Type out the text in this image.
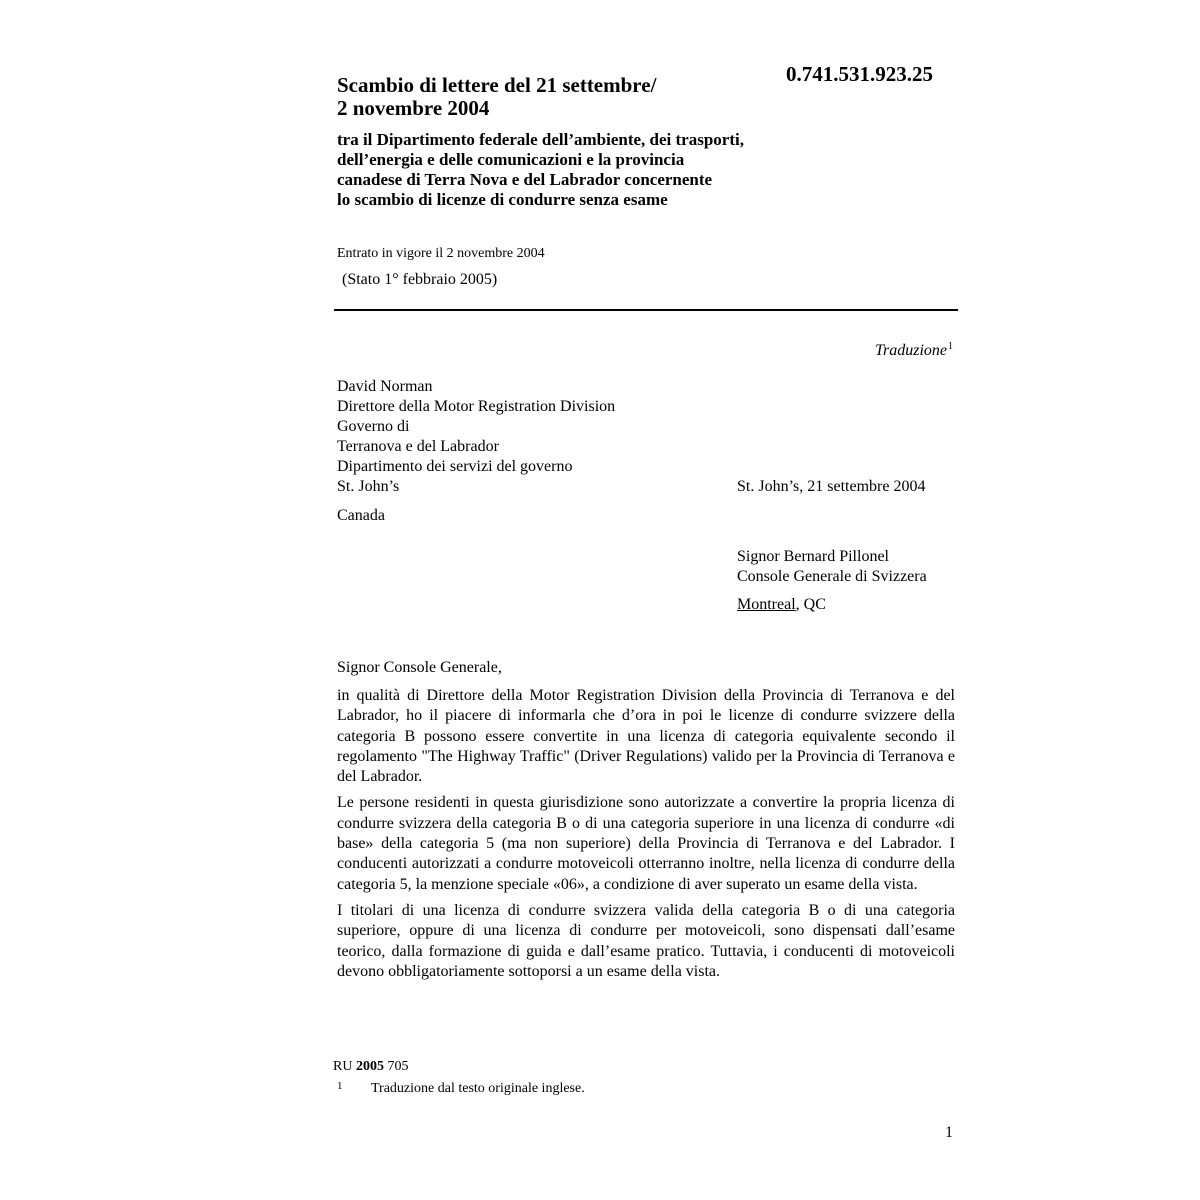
0.741.531.923.25
Scambio di lettere del 21 settembre/
2 novembre 2004
tra il Dipartimento federale dell’ambiente, dei trasporti,
dell’energia e delle comunicazioni e la provincia
canadese di Terra Nova e del Labrador concernente
lo scambio di licenze di condurre senza esame
Entrato in vigore il 2 novembre 2004
(Stato 1° febbraio 2005)
Traduzione$^1$
David Norman
Direttore della Motor Registration Division
Governo di
Terranova e del Labrador
Dipartimento dei servizi del governo
St. John’s
Canada
St. John’s, 21 settembre 2004
Signor Bernard Pillonel
Console Generale di Svizzera
Montreal, QC
Signor Console Generale,

in qualità di Direttore della Motor Registration Division della Provincia di Terranova e del Labrador, ho il piacere di informarla che d’ora in poi le licenze di condurre svizzere della categoria B possono essere convertite in una licenza di categoria equivalente secondo il regolamento "The Highway Traffic" (Driver Regulations) valido per la Provincia di Terranova e del Labrador.

Le persone residenti in questa giurisdizione sono autorizzate a convertire la propria licenza di condurre svizzera della categoria B o di una categoria superiore in una licenza di condurre «di base» della categoria 5 (ma non superiore) della Provincia di Terranova e del Labrador. I conducenti autorizzati a condurre motoveicoli otterranno inoltre, nella licenza di condurre della categoria 5, la menzione speciale «06», a condizione di aver superato un esame della vista.

I titolari di una licenza di condurre svizzera valida della categoria B o di una categoria superiore, oppure di una licenza di condurre per motoveicoli, sono dispensati dall’esame teorico, dalla formazione di guida e dall’esame pratico. Tuttavia, i conducenti di motoveicoli devono obbligatoriamente sottoporsi a un esame della vista.

RU 2005 705
1 Traduzione dal testo originale inglese.
1
